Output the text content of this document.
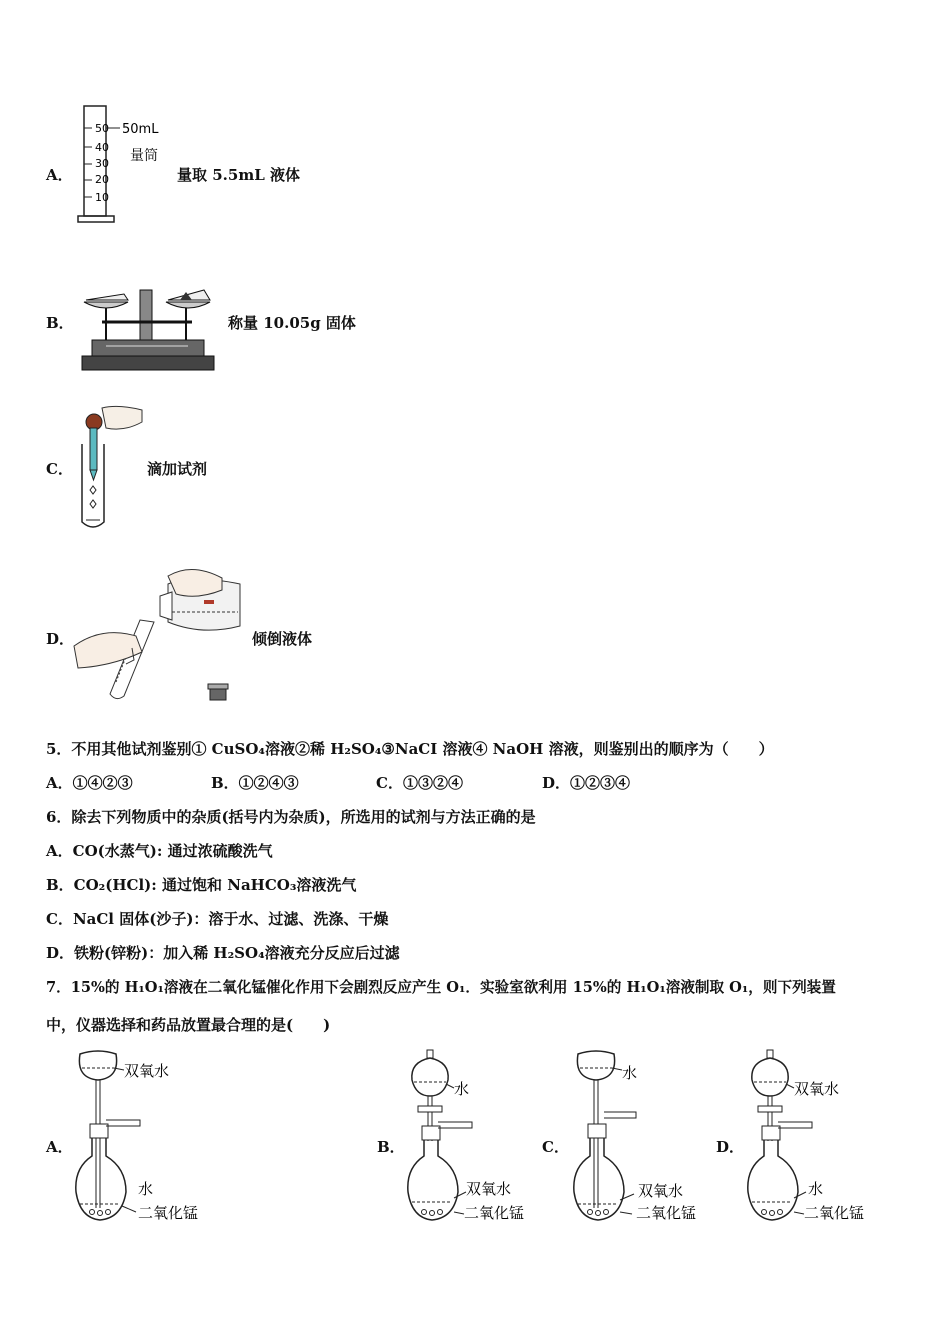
A．
50
40
30
20
10
50mL
量筒
量取 5.5mL 液体
B．	称量 10.05g 固体
C．	滴加试剂
D．	倾倒液体
5．不用其他试剂鉴别① CuSO₄溶液②稀 H₂SO₄③NaCI 溶液④ NaOH 溶液，则鉴别出的顺序为（　　）
A．①④②③	B．①②④③	C．①③②④	D．①②③④
6．除去下列物质中的杂质(括号内为杂质)，所选用的试剂与方法正确的是
A．CO(水蒸气): 通过浓硫酸洗气
B．CO₂(HCl): 通过饱和 NaHCO₃溶液洗气
C．NaCl 固体(沙子)：溶于水、过滤、洗涤、干燥
D．铁粉(锌粉)：加入稀 H₂SO₄溶液充分反应后过滤
7．15%的 H₁O₁溶液在二氧化锰催化作用下会剧烈反应产生 O₁．实验室欲利用 15%的 H₁O₁溶液制取 O₁，则下列装置
中，仪器选择和药品放置最合理的是(　　)
A．
双氧水
水
二氧化锰
B．
水
双氧水
二氧化锰
C．
水
双氧水
二氧化锰
D．
双氧水
水
二氧化锰
